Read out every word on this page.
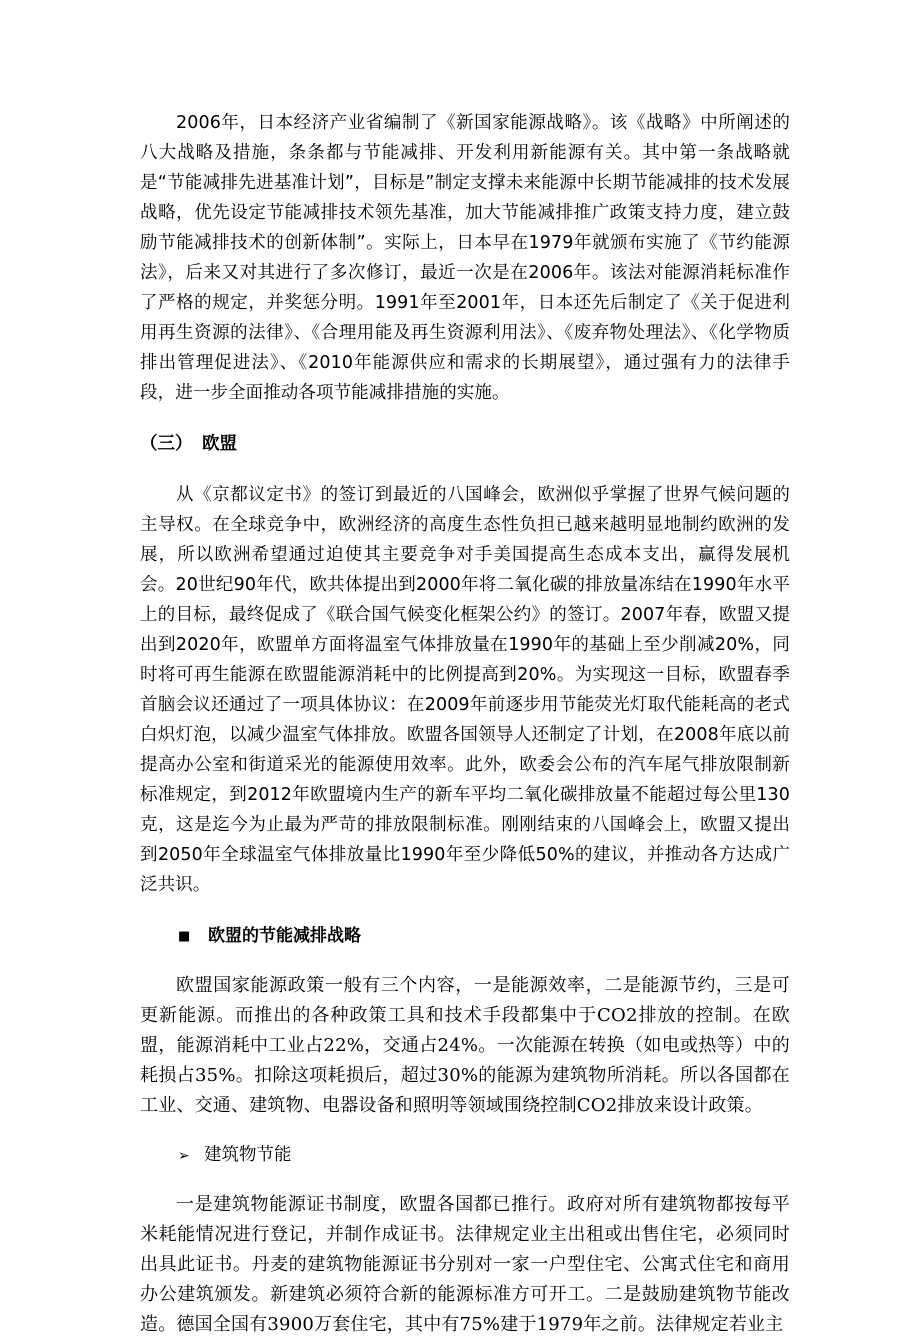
2006年，日本经济产业省编制了《新国家能源战略》。该《战略》中所阐述的八大战略及措施，条条都与节能减排、开发利用新能源有关。其中第一条战略就是“节能减排先进基准计划”，目标是”制定支撑未来能源中长期节能减排的技术发展战略，优先设定节能减排技术领先基准，加大节能减排推广政策支持力度，建立鼓励节能减排技术的创新体制”。实际上，日本早在1979年就颁布实施了《节约能源法》，后来又对其进行了多次修订，最近一次是在2006年。该法对能源消耗标准作了严格的规定，并奖惩分明。1991年至2001年，日本还先后制定了《关于促进利用再生资源的法律》、《合理用能及再生资源利用法》、《废弃物处理法》、《化学物质排出管理促进法》、《2010年能源供应和需求的长期展望》，通过强有力的法律手段，进一步全面推动各项节能减排措施的实施。

（三） 欧盟

从《京都议定书》的签订到最近的八国峰会，欧洲似乎掌握了世界气候问题的主导权。在全球竞争中，欧洲经济的高度生态性负担已越来越明显地制约欧洲的发展，所以欧洲希望通过迫使其主要竞争对手美国提高生态成本支出，赢得发展机会。20世纪90年代，欧共体提出到2000年将二氧化碳的排放量冻结在1990年水平上的目标，最终促成了《联合国气候变化框架公约》的签订。2007年春，欧盟又提出到2020年，欧盟单方面将温室气体排放量在1990年的基础上至少削减20%，同时将可再生能源在欧盟能源消耗中的比例提高到20%。为实现这一目标，欧盟春季首脑会议还通过了一项具体协议：在2009年前逐步用节能荧光灯取代能耗高的老式白炽灯泡，以减少温室气体排放。欧盟各国领导人还制定了计划，在2008年底以前提高办公室和街道采光的能源使用效率。此外，欧委会公布的汽车尾气排放限制新标准规定，到2012年欧盟境内生产的新车平均二氧化碳排放量不能超过每公里130克，这是迄今为止最为严苛的排放限制标准。刚刚结束的八国峰会上，欧盟又提出到2050年全球温室气体排放量比1990年至少降低50%的建议，并推动各方达成广泛共识。

■ 欧盟的节能减排战略

欧盟国家能源政策一般有三个内容，一是能源效率，二是能源节约，三是可更新能源。而推出的各种政策工具和技术手段都集中于CO2排放的控制。在欧盟，能源消耗中工业占22%，交通占24%。一次能源在转换（如电或热等）中的耗损占35%。扣除这项耗损后，超过30%的能源为建筑物所消耗。所以各国都在工业、交通、建筑物、电器设备和照明等领域围绕控制CO2排放来设计政策。

➢ 建筑物节能

一是建筑物能源证书制度，欧盟各国都已推行。政府对所有建筑物都按每平米耗能情况进行登记，并制作成证书。法律规定业主出租或出售住宅，必须同时出具此证书。丹麦的建筑物能源证书分别对一家一户型住宅、公寓式住宅和商用办公建筑颁发。新建筑必须符合新的能源标准方可开工。二是鼓励建筑物节能改造。德国全国有3900万套住宅，其中有75%建于1979年之前。法律规定若业主
